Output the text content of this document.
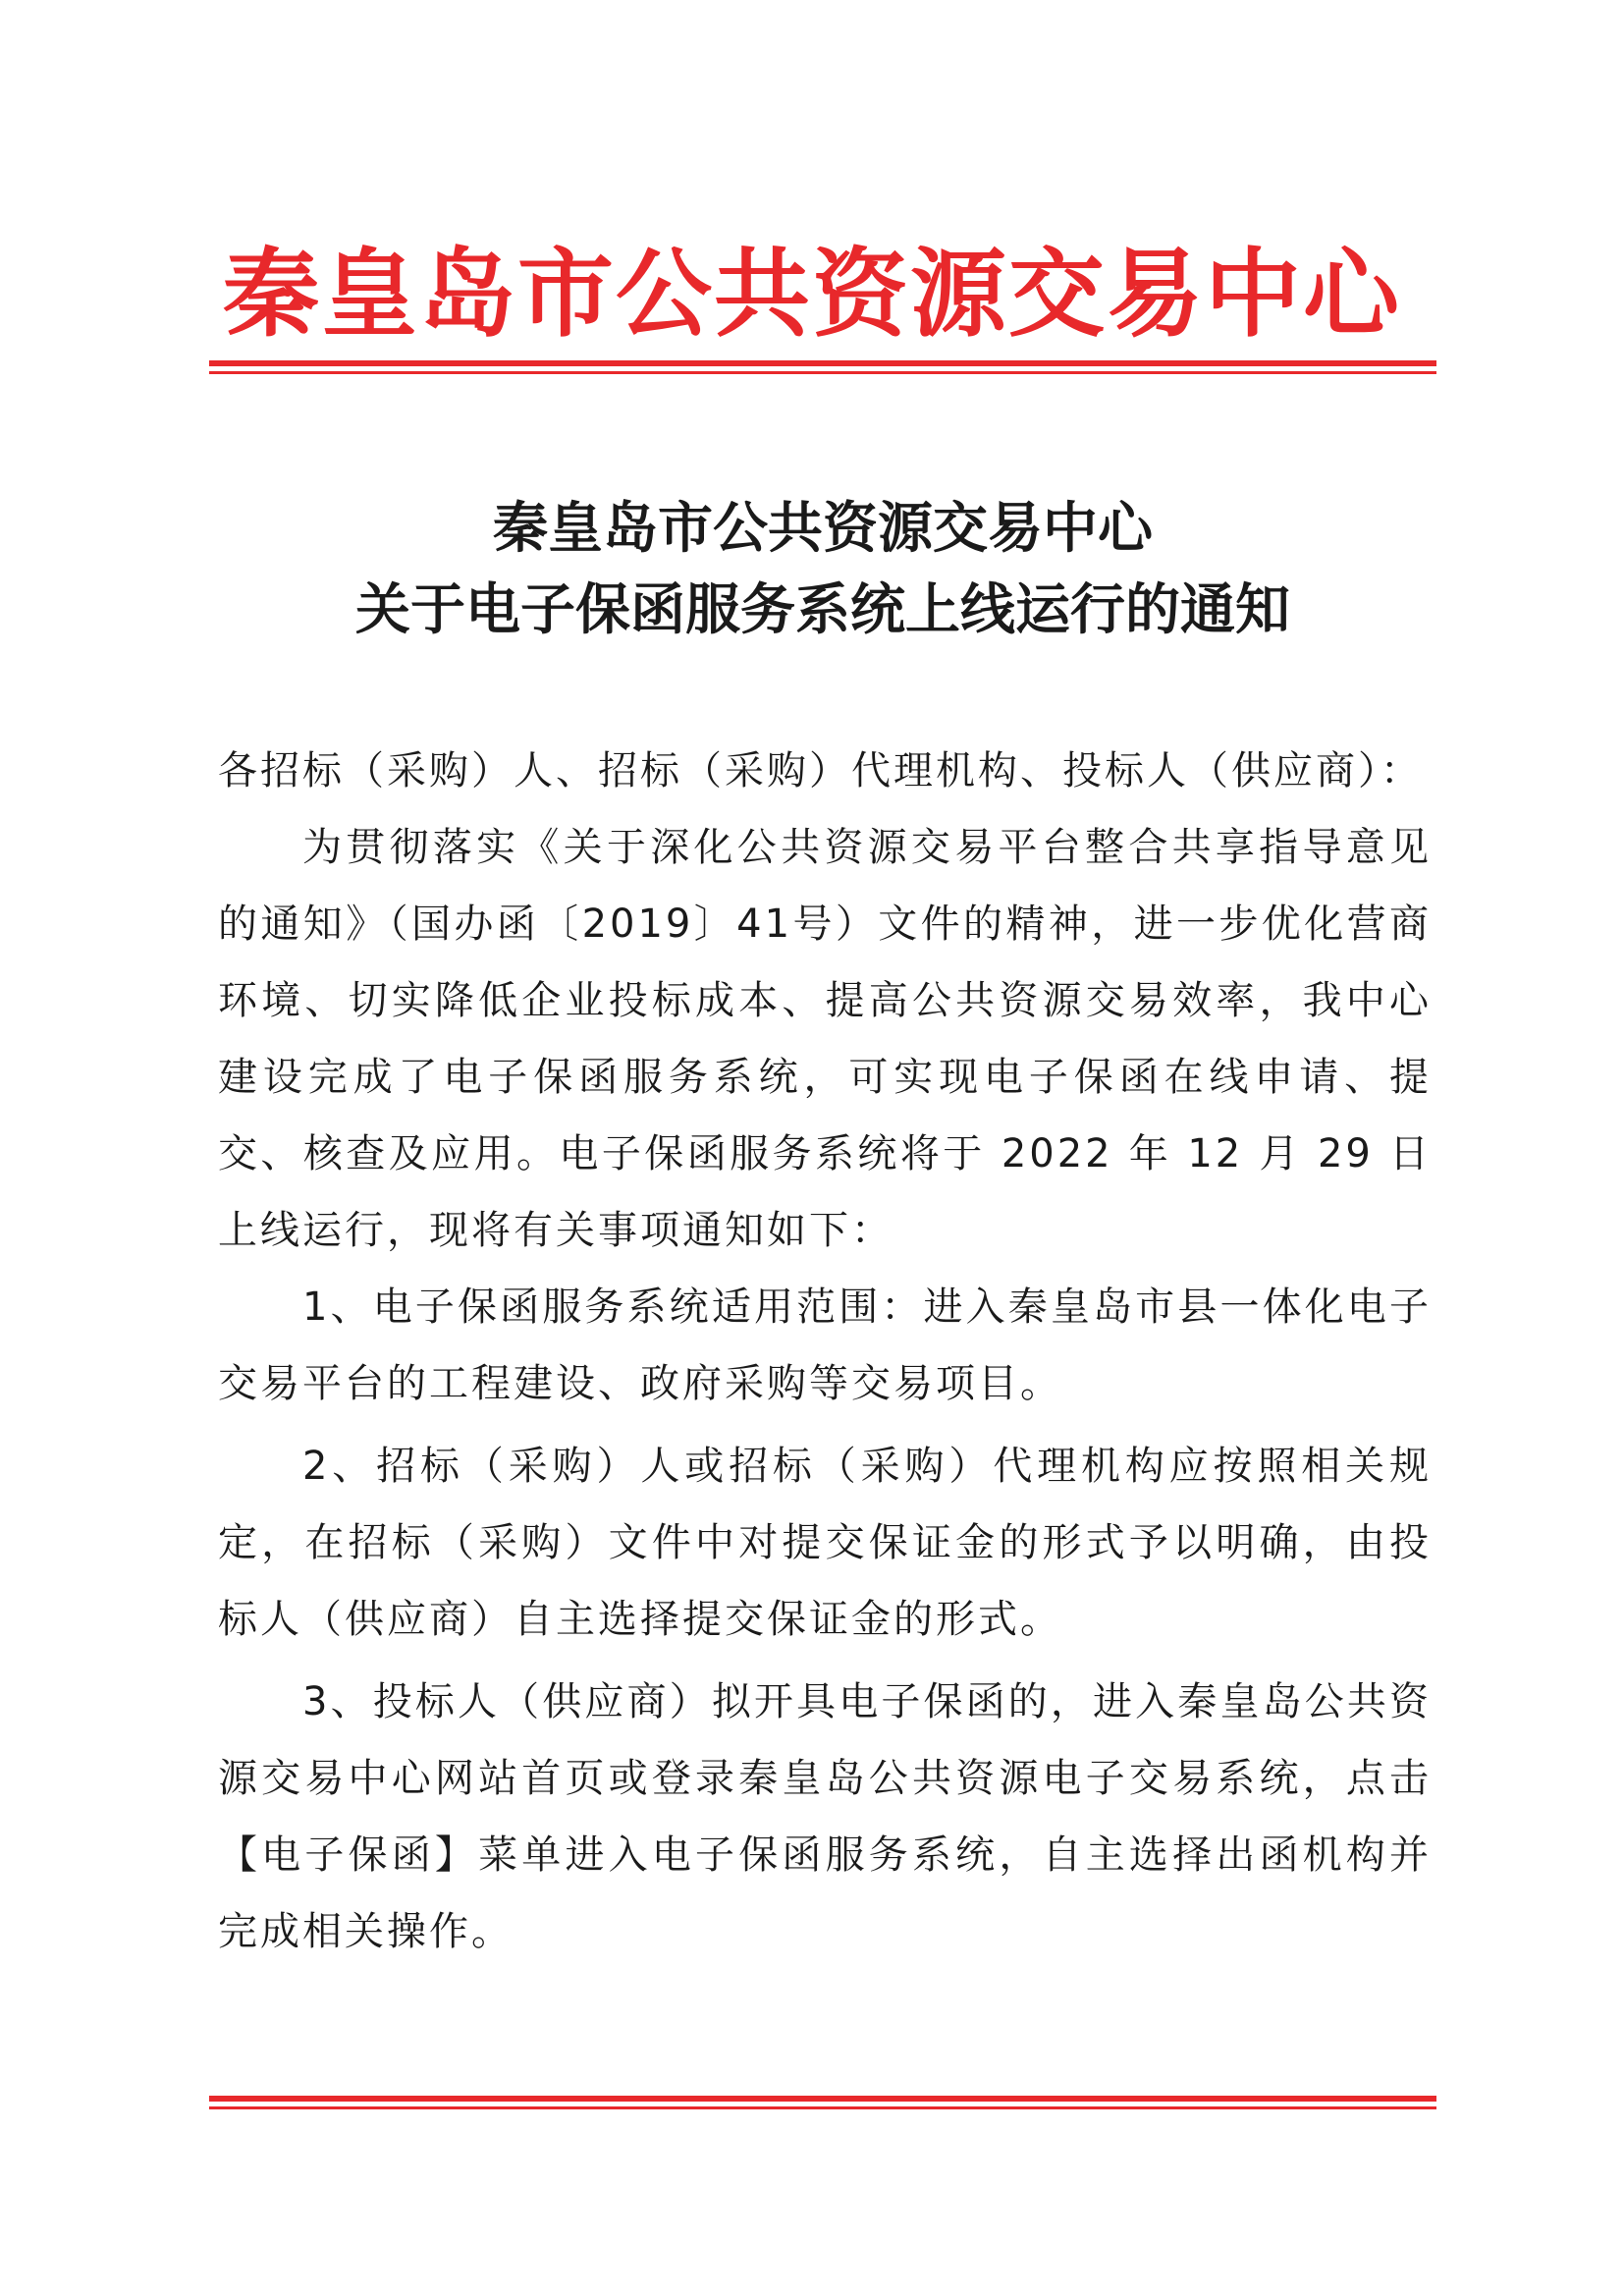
秦皇岛市公共资源交易中心
秦皇岛市公共资源交易中心
关于电子保函服务系统上线运行的通知

各招标（采购）人、招标（采购）代理机构、投标人（供应商）：

为贯彻落实《关于深化公共资源交易平台整合共享指导意见的通知》（国办函〔2019〕41号）文件的精神，进一步优化营商环境、切实降低企业投标成本、提高公共资源交易效率，我中心建设完成了电子保函服务系统，可实现电子保函在线申请、提交、核查及应用。电子保函服务系统将于 2022 年 12 月 29 日上线运行，现将有关事项通知如下：

1、电子保函服务系统适用范围：进入秦皇岛市县一体化电子交易平台的工程建设、政府采购等交易项目。

2、招标（采购）人或招标（采购）代理机构应按照相关规定，在招标（采购）文件中对提交保证金的形式予以明确，由投标人（供应商）自主选择提交保证金的形式。

3、投标人（供应商）拟开具电子保函的，进入秦皇岛公共资源交易中心网站首页或登录秦皇岛公共资源电子交易系统，点击【电子保函】菜单进入电子保函服务系统，自主选择出函机构并完成相关操作。
